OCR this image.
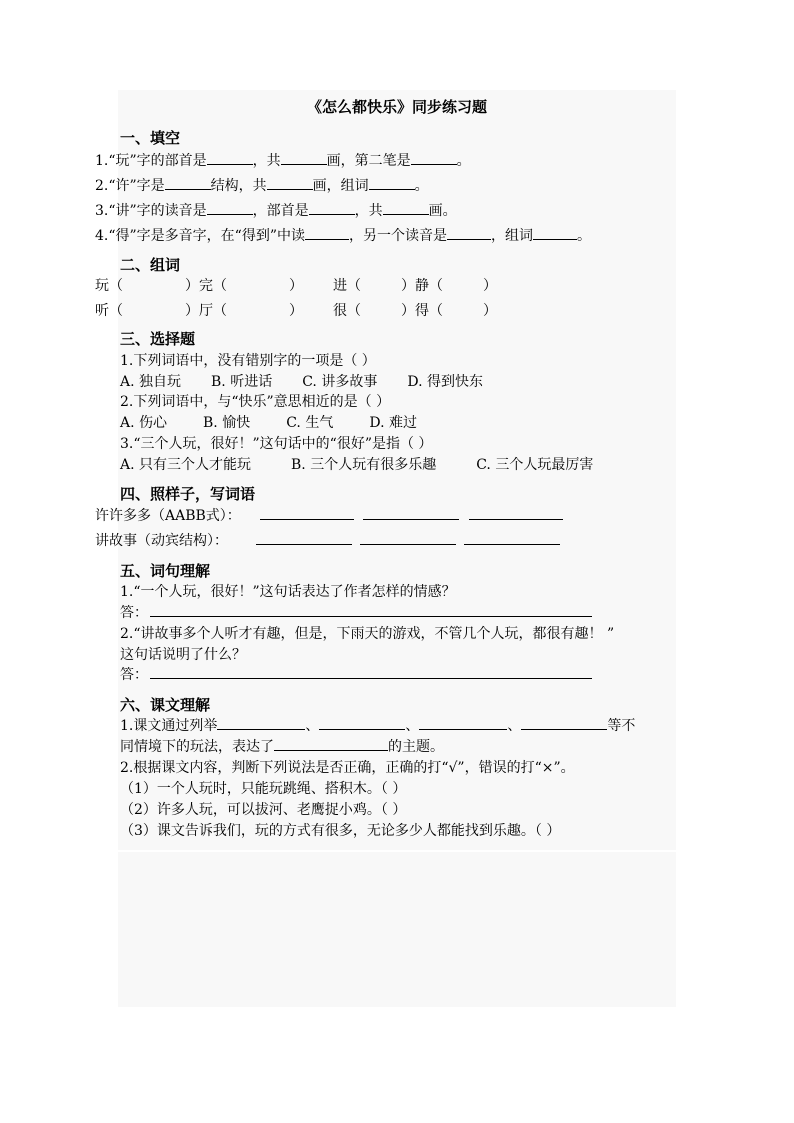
《怎么都快乐》同步练习题
一、填空
1.“玩”字的部首是	，共	画，第二笔是	。
2.“许”字是	结构，共	画，组词	。
3.“讲”字的读音是	，部首是	，共	画。
4.“得”字是多音字，在“得到”中读	，另一个读音是	，组词	。
二、组词
玩（	）完（	） 进（	）静（	）
听（	）厅（	） 很（	）得（	）
三、选择题
1.下列词语中，没有错别字的一项是（ ）
A. 独自玩 B. 听进话 C. 讲多故事 D. 得到快东
2.下列词语中，与“快乐”意思相近的是（ ）
A. 伤心	B. 愉快	C. 生气	D. 难过
3.“三个人玩，很好！”这句话中的“很好”是指（ ）
A. 只有三个人才能玩	B. 三个人玩有很多乐趣	C. 三个人玩最厉害
四、照样子，写词语
许许多多（AABB式）：
讲故事（动宾结构）：
五、词句理解
1.“一个人玩，很好！”这句话表达了作者怎样的情感？
答：
2.“讲故事多个人听才有趣，但是，下雨天的游戏，不管几个人玩，都很有趣！ ”
这句话说明了什么？
答：
六、课文理解
1.课文通过列举	、	、	、	等不
同情境下的玩法，表达了	的主题。
2.根据课文内容，判断下列说法是否正确，正确的打“√”，错误的打“×”。
（1）一个人玩时，只能玩跳绳、搭积木。（ ）
（2）许多人玩，可以拔河、老鹰捉小鸡。（ ）
（3）课文告诉我们，玩的方式有很多，无论多少人都能找到乐趣。（ ）
